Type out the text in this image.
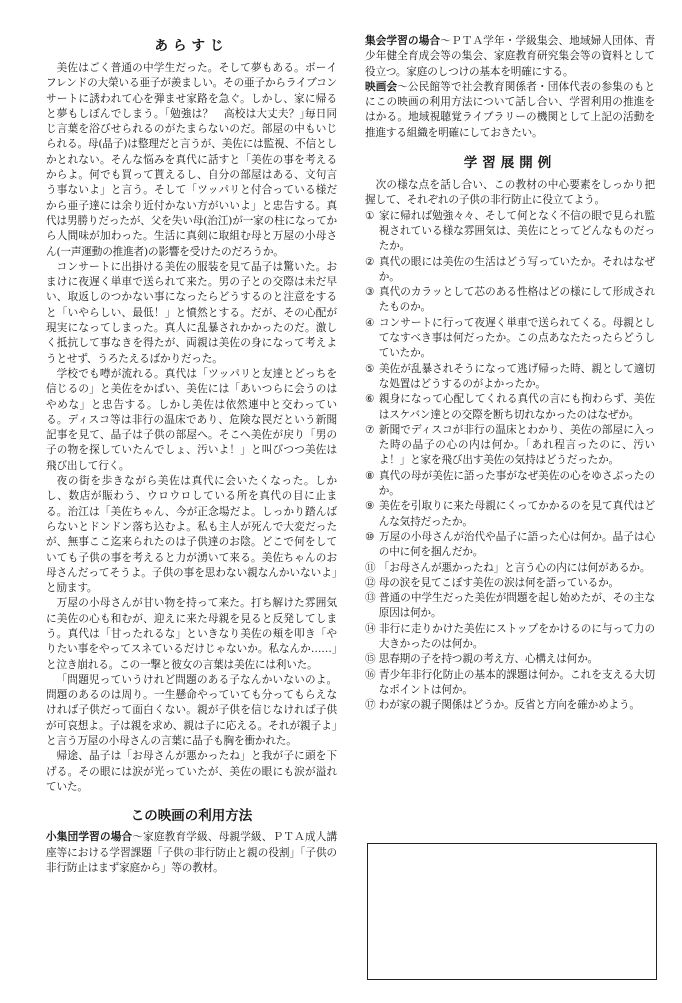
あらすじ

美佐はごく普通の中学生だった。そして夢もある。ボーイフレンドの大榮いる亜子が羨ましい。その亜子からライブコンサートに誘われて心を弾ませ家路を急ぐ。しかし、家に帰ると夢もしぼんでしまう。｢勉強は？　高校は大丈夫？｣毎日同じ言葉を浴びせられるのがたまらないのだ。部屋の中もいじられる。母(晶子)は整理だと言うが、美佐には監視、不信としかとれない。そんな悩みを真代に話すと「美佐の事を考えるからよ。何でも買って貰えるし、自分の部屋はある、文句言う事ないよ」と言う。そして「ツッパリと付合っている様だから亜子達には余り近付かない方がいいよ」と忠告する。真代は男勝りだったが、父を失い母(治江)が一家の柱になってから人間味が加わった。生活に真剣に取組む母と万屋の小母さん(一声運動の推進者)の影響を受けたのだろうか。

コンサートに出掛ける美佐の服装を見て晶子は驚いた。おまけに夜遅く単車で送られて来た。男の子との交際は未だ早い、取返しのつかない事になったらどうするのと注意をすると「いやらしい、最低！」と憤然とする。だが、その心配が現実になってしまった。真人に乱暴されかかったのだ。激しく抵抗して事なきを得たが、両親は美佐の身になって考えようとせず、うろたえるばかりだった。

学校でも噂が流れる。真代は「ツッパリと友達とどっちを信じるの」と美佐をかばい、美佐には「あいつらに会うのはやめな」と忠告する。しかし美佐は依然連中と交わっている。ディスコ等は非行の温床であり、危険な罠だという新聞記事を見て、晶子は子供の部屋へ。そこへ美佐が戻り「男の子の物を探していたんでしょ、汚いよ！」と叫びつつ美佐は飛び出して行く。

夜の街を歩きながら美佐は真代に会いたくなった。しかし、数店が賑わう、ウロウロしている所を真代の目に止まる。治江は「美佐ちゃん、今が正念場だよ。しっかり踏んばらないとドンドン落ち込むよ。私も主人が死んで大変だったが、無事ここ迄来られたのは子供達のお陰。どこで何をしていても子供の事を考えると力が湧いて来る。美佐ちゃんのお母さんだってそうよ。子供の事を思わない親なんかいないよ」と励ます。

万屋の小母さんが甘い物を持って来た。打ち解けた雰囲気に美佐の心も和むが、迎えに来た母親を見ると反発してしまう。真代は「甘ったれるな」といきなり美佐の頬を叩き「やりたい事をやってスネているだけじゃないか。私なんか……」と泣き崩れる。この一撃と彼女の言葉は美佐には利いた。

「問題児っていうけれど問題のある子なんかいないのよ。問題のあるのは周り。一生懸命やっていても分ってもらえなければ子供だって面白くない。親が子供を信じなければ子供が可哀想よ。子は親を求め、親は子に応える。それが親子よ」と言う万屋の小母さんの言葉に晶子も胸を衝かれた。

帰途、晶子は「お母さんが悪かったね」と我が子に頭を下げる。その眼には涙が光っていたが、美佐の眼にも涙が溢れていた。

この映画の利用方法

小集団学習の場合～家庭教育学級、母親学級、ＰＴＡ成人講座等における学習課題「子供の非行防止と親の役割」「子供の非行防止はまず家庭から」等の教材。

集会学習の場合～ＰＴＡ学年・学級集会、地域婦人団体、青少年健全育成会等の集会、家庭教育研究集会等の資料として役立つ。家庭のしつけの基本を明確にする。

映画会～公民館等で社会教育関係者・団体代表の参集のもとにこの映画の利用方法について話し合い、学習利用の推進をはかる。地域視聴覚ライブラリーの機関として上記の活動を推進する組織を明確にしておきたい。

学習展開例

次の様な点を話し合い、この教材の中心要素をしっかり把握して、それぞれの子供の非行防止に役立てよう。

① 家に帰れば勉強々々、そして何となく不信の眼で見られ監視されている様な雰囲気は、美佐にとってどんなものだったか。
② 真代の眼には美佐の生活はどう写っていたか。それはなぜか。
③ 真代のカラッとして芯のある性格はどの様にして形成されたものか。
④ コンサートに行って夜遅く単車で送られてくる。母親としてなすべき事は何だったか。この点あなたたったらどうしていたか。
⑤ 美佐が乱暴されそうになって逃げ帰った時、親として適切な処置はどうするのがよかったか。
⑥ 親身になって心配してくれる真代の言にも拘わらず、美佐はスケバン達との交際を断ち切れなかったのはなぜか。
⑦ 新聞でディスコが非行の温床とわかり、美佐の部屋に入った時の晶子の心の内は何か。「あれ程言ったのに、汚いよ！」と家を飛び出す美佐の気持はどうだったか。
⑧ 真代の母が美佐に語った事がなぜ美佐の心をゆさぶったのか。
⑨ 美佐を引取りに来た母親にくってかかるのを見て真代はどんな気持だったか。
⑩ 万屋の小母さんが治代や晶子に語った心は何か。晶子は心の中に何を掴んだか。
⑪ 「お母さんが悪かったね」と言う心の内には何があるか。
⑫ 母の涙を見てこぼす美佐の涙は何を語っているか。
⑬ 普通の中学生だった美佐が問題を起し始めたが、その主な原因は何か。
⑭ 非行に走りかけた美佐にストップをかけるのに与って力の大きかったのは何か。
⑮ 思春期の子を持つ親の考え方、心構えは何か。
⑯ 青少年非行化防止の基本的課題は何か。これを支える大切なポイントは何か。
⑰ わが家の親子関係はどうか。反省と方向を確かめよう。
